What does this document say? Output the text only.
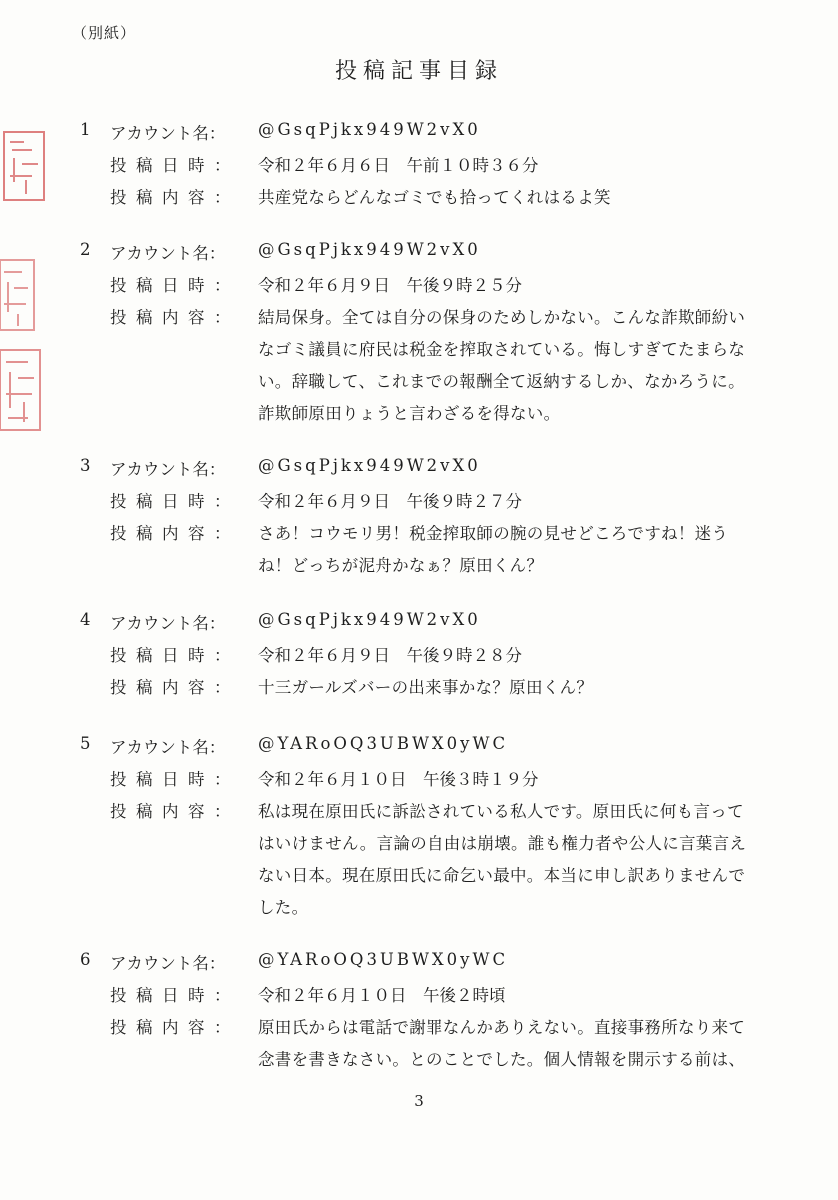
（別紙）
投稿記事目録
1 アカウント名： @GsqPjkx949W2vX0
投稿日時： 令和２年６月６日　午前１０時３６分
投稿内容： 共産党ならどんなゴミでも拾ってくれはるよ笑
2 アカウント名： @GsqPjkx949W2vX0
投稿日時： 令和２年６月９日　午後９時２５分
投稿内容： 結局保身。全ては自分の保身のためしかない。こんな詐欺師紛い
なゴミ議員に府民は税金を搾取されている。悔しすぎてたまらな
い。辞職して、これまでの報酬全て返納するしか、なかろうに。
詐欺師原田りょうと言わざるを得ない。
3 アカウント名： @GsqPjkx949W2vX0
投稿日時： 令和２年６月９日　午後９時２７分
投稿内容： さあ！コウモリ男！税金搾取師の腕の見せどころですね！迷う
ね！どっちが泥舟かなぁ？原田くん？
4 アカウント名： @GsqPjkx949W2vX0
投稿日時： 令和２年６月９日　午後９時２８分
投稿内容： 十三ガールズバーの出来事かな？原田くん？
5 アカウント名： @YARoOQ3UBWX0yWC
投稿日時： 令和２年６月１０日　午後３時１９分
投稿内容： 私は現在原田氏に訴訟されている私人です。原田氏に何も言って
はいけません。言論の自由は崩壊。誰も権力者や公人に言葉言え
ない日本。現在原田氏に命乞い最中。本当に申し訳ありませんで
した。
6 アカウント名： @YARoOQ3UBWX0yWC
投稿日時： 令和２年６月１０日　午後２時頃
投稿内容： 原田氏からは電話で謝罪なんかありえない。直接事務所なり来て
念書を書きなさい。とのことでした。個人情報を開示する前は、
3
